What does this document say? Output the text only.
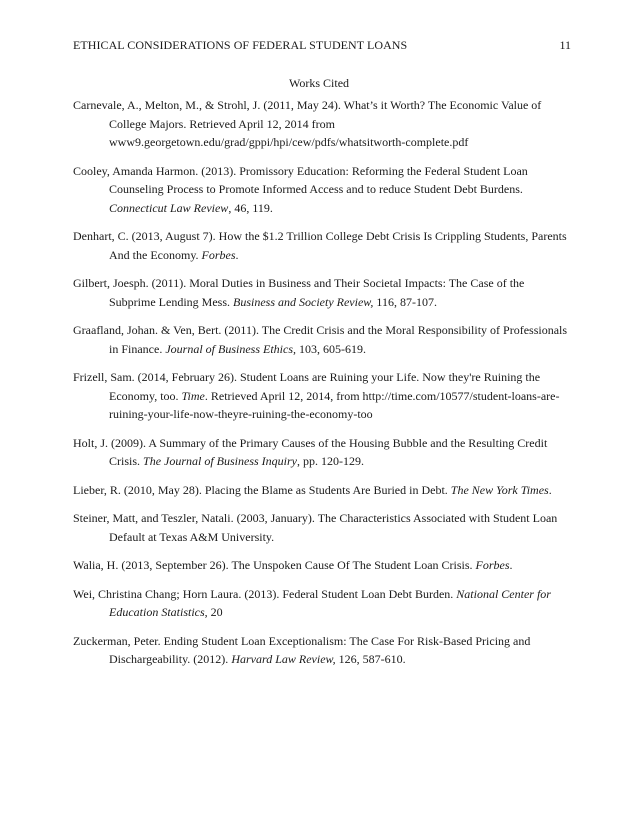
ETHICAL CONSIDERATIONS OF FEDERAL STUDENT LOANS	11
Works Cited

Carnevale, A., Melton, M., & Strohl, J. (2011, May 24). What’s it Worth? The Economic Value of College Majors. Retrieved April 12, 2014 from www9.georgetown.edu/grad/gppi/hpi/cew/pdfs/whatsitworth-complete.pdf

Cooley, Amanda Harmon. (2013). Promissory Education: Reforming the Federal Student Loan Counseling Process to Promote Informed Access and to reduce Student Debt Burdens. Connecticut Law Review, 46, 119.

Denhart, C. (2013, August 7). How the $1.2 Trillion College Debt Crisis Is Crippling Students, Parents And the Economy. Forbes.

Gilbert, Joesph. (2011). Moral Duties in Business and Their Societal Impacts: The Case of the Subprime Lending Mess. Business and Society Review, 116, 87-107.

Graafland, Johan. & Ven, Bert. (2011). The Credit Crisis and the Moral Responsibility of Professionals in Finance. Journal of Business Ethics, 103, 605-619.

Frizell, Sam. (2014, February 26). Student Loans are Ruining your Life. Now they're Ruining the Economy, too. Time. Retrieved April 12, 2014, from http://time.com/10577/student-loans-are-ruining-your-life-now-theyre-ruining-the-economy-too

Holt, J. (2009). A Summary of the Primary Causes of the Housing Bubble and the Resulting Credit Crisis. The Journal of Business Inquiry, pp. 120-129.

Lieber, R. (2010, May 28). Placing the Blame as Students Are Buried in Debt. The New York Times.

Steiner, Matt, and Teszler, Natali. (2003, January). The Characteristics Associated with Student Loan Default at Texas A&M University.

Walia, H. (2013, September 26). The Unspoken Cause Of The Student Loan Crisis. Forbes.

Wei, Christina Chang; Horn Laura. (2013). Federal Student Loan Debt Burden. National Center for Education Statistics, 20

Zuckerman, Peter. Ending Student Loan Exceptionalism: The Case For Risk-Based Pricing and Dischargeability. (2012). Harvard Law Review, 126, 587-610.
